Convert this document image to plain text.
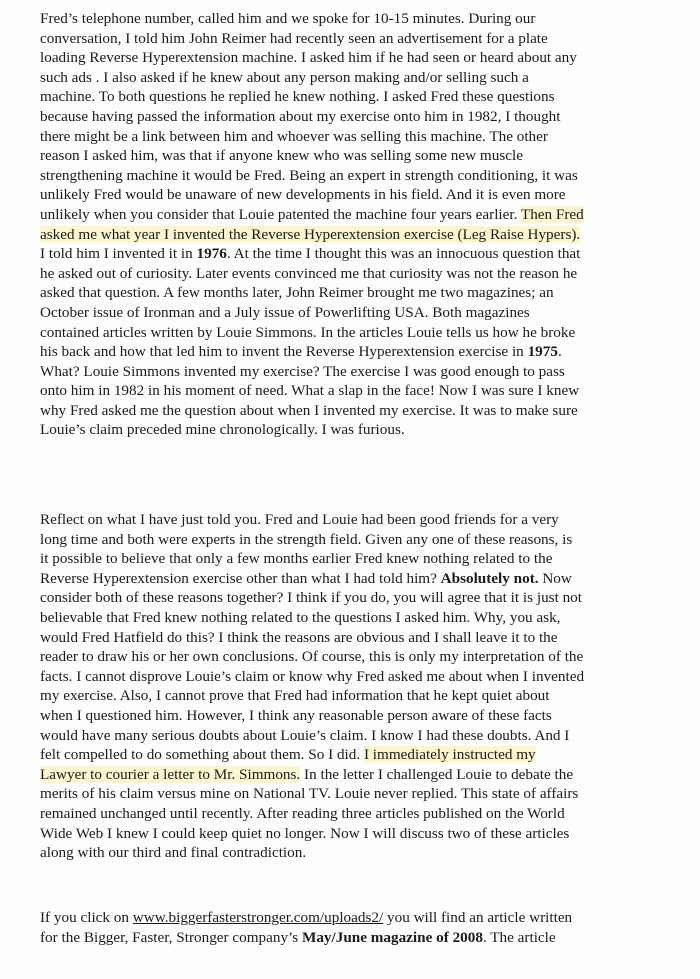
Fred’s telephone number, called him and we spoke for 10-15 minutes. During our
conversation, I told him John Reimer had recently seen an advertisement for a plate
loading Reverse Hyperextension machine. I asked him if he had seen or heard about any
such ads . I also asked if he knew about any person making and/or selling such a
machine. To both questions he replied he knew nothing. I asked Fred these questions
because having passed the information about my exercise onto him in 1982, I thought
there might be a link between him and whoever was selling this machine. The other
reason I asked him, was that if anyone knew who was selling some new muscle
strengthening machine it would be Fred. Being an expert in strength conditioning, it was
unlikely Fred would be unaware of new developments in his field. And it is even more
unlikely when you consider that Louie patented the machine four years earlier. Then Fred
asked me what year I invented the Reverse Hyperextension exercise (Leg Raise Hypers).
I told him I invented it in 1976. At the time I thought this was an innocuous question that
he asked out of curiosity. Later events convinced me that curiosity was not the reason he
asked that question. A few months later, John Reimer brought me two magazines; an
October issue of Ironman and a July issue of Powerlifting USA. Both magazines
contained articles written by Louie Simmons. In the articles Louie tells us how he broke
his back and how that led him to invent the Reverse Hyperextension exercise in 1975.
What? Louie Simmons invented my exercise? The exercise I was good enough to pass
onto him in 1982 in his moment of need. What a slap in the face! Now I was sure I knew
why Fred asked me the question about when I invented my exercise. It was to make sure
Louie’s claim preceded mine chronologically. I was furious.

Reflect on what I have just told you. Fred and Louie had been good friends for a very
long time and both were experts in the strength field. Given any one of these reasons, is
it possible to believe that only a few months earlier Fred knew nothing related to the
Reverse Hyperextension exercise other than what I had told him? Absolutely not. Now
consider both of these reasons together? I think if you do, you will agree that it is just not
believable that Fred knew nothing related to the questions I asked him. Why, you ask,
would Fred Hatfield do this? I think the reasons are obvious and I shall leave it to the
reader to draw his or her own conclusions. Of course, this is only my interpretation of the
facts. I cannot disprove Louie’s claim or know why Fred asked me about when I invented
my exercise. Also, I cannot prove that Fred had information that he kept quiet about
when I questioned him. However, I think any reasonable person aware of these facts
would have many serious doubts about Louie’s claim. I know I had these doubts. And I
felt compelled to do something about them. So I did. I immediately instructed my
Lawyer to courier a letter to Mr. Simmons. In the letter I challenged Louie to debate the
merits of his claim versus mine on National TV. Louie never replied. This state of affairs
remained unchanged until recently. After reading three articles published on the World
Wide Web I knew I could keep quiet no longer. Now I will discuss two of these articles
along with our third and final contradiction.

If you click on www.biggerfasterstronger.com/uploads2/ you will find an article written
for the Bigger, Faster, Stronger company’s May/June magazine of 2008. The article
